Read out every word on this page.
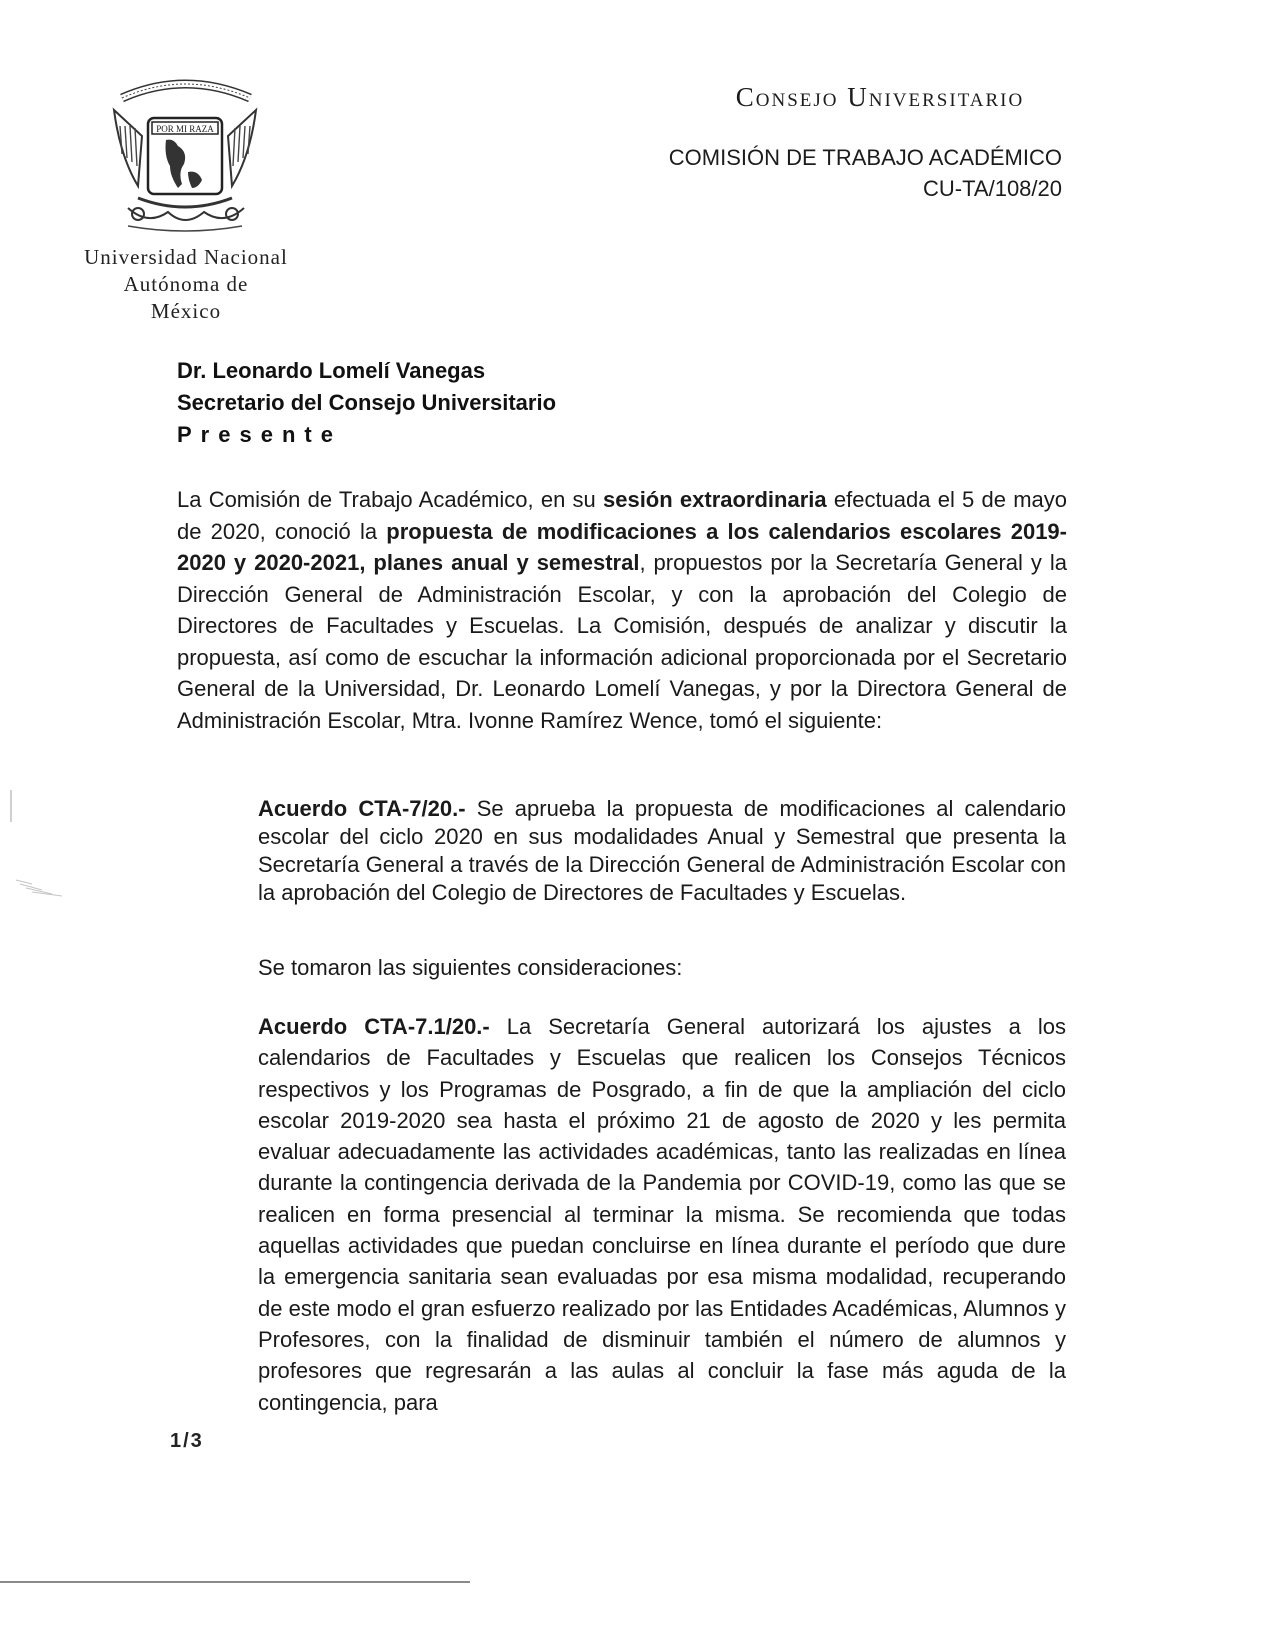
POR MI RAZA
Universidad Nacional
Autónoma de
México
Consejo Universitario
COMISIÓN DE TRABAJO ACADÉMICO
CU-TA/108/20
Dr. Leonardo Lomelí Vanegas
Secretario del Consejo Universitario
Presente
La Comisión de Trabajo Académico, en su sesión extraordinaria efectuada el 5 de mayo de 2020, conoció la propuesta de modificaciones a los calendarios escolares 2019-2020 y 2020-2021, planes anual y semestral, propuestos por la Secretaría General y la Dirección General de Administración Escolar, y con la aprobación del Colegio de Directores de Facultades y Escuelas. La Comisión, después de analizar y discutir la propuesta, así como de escuchar la información adicional proporcionada por el Secretario General de la Universidad, Dr. Leonardo Lomelí Vanegas, y por la Directora General de Administración Escolar, Mtra. Ivonne Ramírez Wence, tomó el siguiente:
Acuerdo CTA-7/20.- Se aprueba la propuesta de modificaciones al calendario escolar del ciclo 2020 en sus modalidades Anual y Semestral que presenta la Secretaría General a través de la Dirección General de Administración Escolar con la aprobación del Colegio de Directores de Facultades y Escuelas.
Se tomaron las siguientes consideraciones:
Acuerdo CTA-7.1/20.- La Secretaría General autorizará los ajustes a los calendarios de Facultades y Escuelas que realicen los Consejos Técnicos respectivos y los Programas de Posgrado, a fin de que la ampliación del ciclo escolar 2019-2020 sea hasta el próximo 21 de agosto de 2020 y les permita evaluar adecuadamente las actividades académicas, tanto las realizadas en línea durante la contingencia derivada de la Pandemia por COVID-19, como las que se realicen en forma presencial al terminar la misma. Se recomienda que todas aquellas actividades que puedan concluirse en línea durante el período que dure la emergencia sanitaria sean evaluadas por esa misma modalidad, recuperando de este modo el gran esfuerzo realizado por las Entidades Académicas, Alumnos y Profesores, con la finalidad de disminuir también el número de alumnos y profesores que regresarán a las aulas al concluir la fase más aguda de la contingencia, para
1/3
